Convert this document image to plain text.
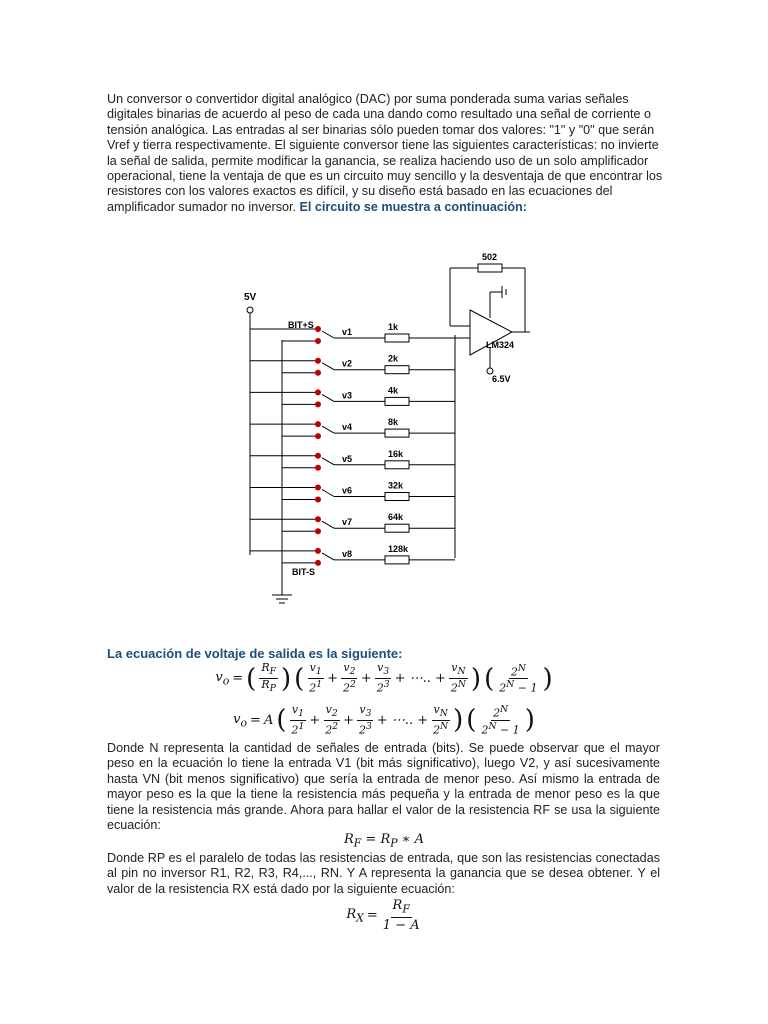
Un conversor o convertidor digital analógico (DAC) por suma ponderada suma varias señales digitales binarias de acuerdo al peso de cada una dando como resultado una señal de corriente o tensión analógica. Las entradas al ser binarias sólo pueden tomar dos valores: "1" y "0" que serán Vref y tierra respectivamente. El siguiente conversor tiene las siguientes características: no invierte la señal de salida, permite modificar la ganancia, se realiza haciendo uso de un solo amplificador operacional, tiene la ventaja de que es un circuito muy sencillo y la desventaja de que encontrar los resistores con los valores exactos es difícil, y su diseño está basado en las ecuaciones del amplificador sumador no inversor. El circuito se muestra a continuación:

5V
502
LM324
6.5V
BIT+S
BIT-S
v1	1k
v2	2k
v3	4k
v4	8k
v5	16k
v6	32k
v7	64k
v8	128k

La ecuación de voltaje de salida es la siguiente:

$v_o$ = ( $\frac{R_F}{R_P}$ ) ( $\frac{v_1}{2^1} + \frac{v_2}{2^2} + \frac{v_3}{2^3}$ + ⋯.. + $\frac{v_N}{2^N}$ ) ( $\frac{2^N}{2^N - 1}$ )
$v_o = A$ ( $\frac{v_1}{2^1} + \frac{v_2}{2^2} + \frac{v_3}{2^3}$ + ⋯.. + $\frac{v_N}{2^N}$ ) ( $\frac{2^N}{2^N - 1}$ )

Donde N representa la cantidad de señales de entrada (bits). Se puede observar que el mayor peso en la ecuación lo tiene la entrada V1 (bit más significativo), luego V2, y así sucesivamente hasta VN (bit menos significativo) que sería la entrada de menor peso. Así mismo la entrada de mayor peso es la que la tiene la resistencia más pequeña y la entrada de menor peso es la que tiene la resistencia más grande. Ahora para hallar el valor de la resistencia RF se usa la siguiente ecuación:

$R_F = R_P$ ∗ A

Donde RP es el paralelo de todas las resistencias de entrada, que son las resistencias conectadas al pin no inversor R1, R2, R3, R4,..., RN. Y A representa la ganancia que se desea obtener. Y el valor de la resistencia RX está dado por la siguiente ecuación:

$R_X = \frac{R_F}{1 - A}$
